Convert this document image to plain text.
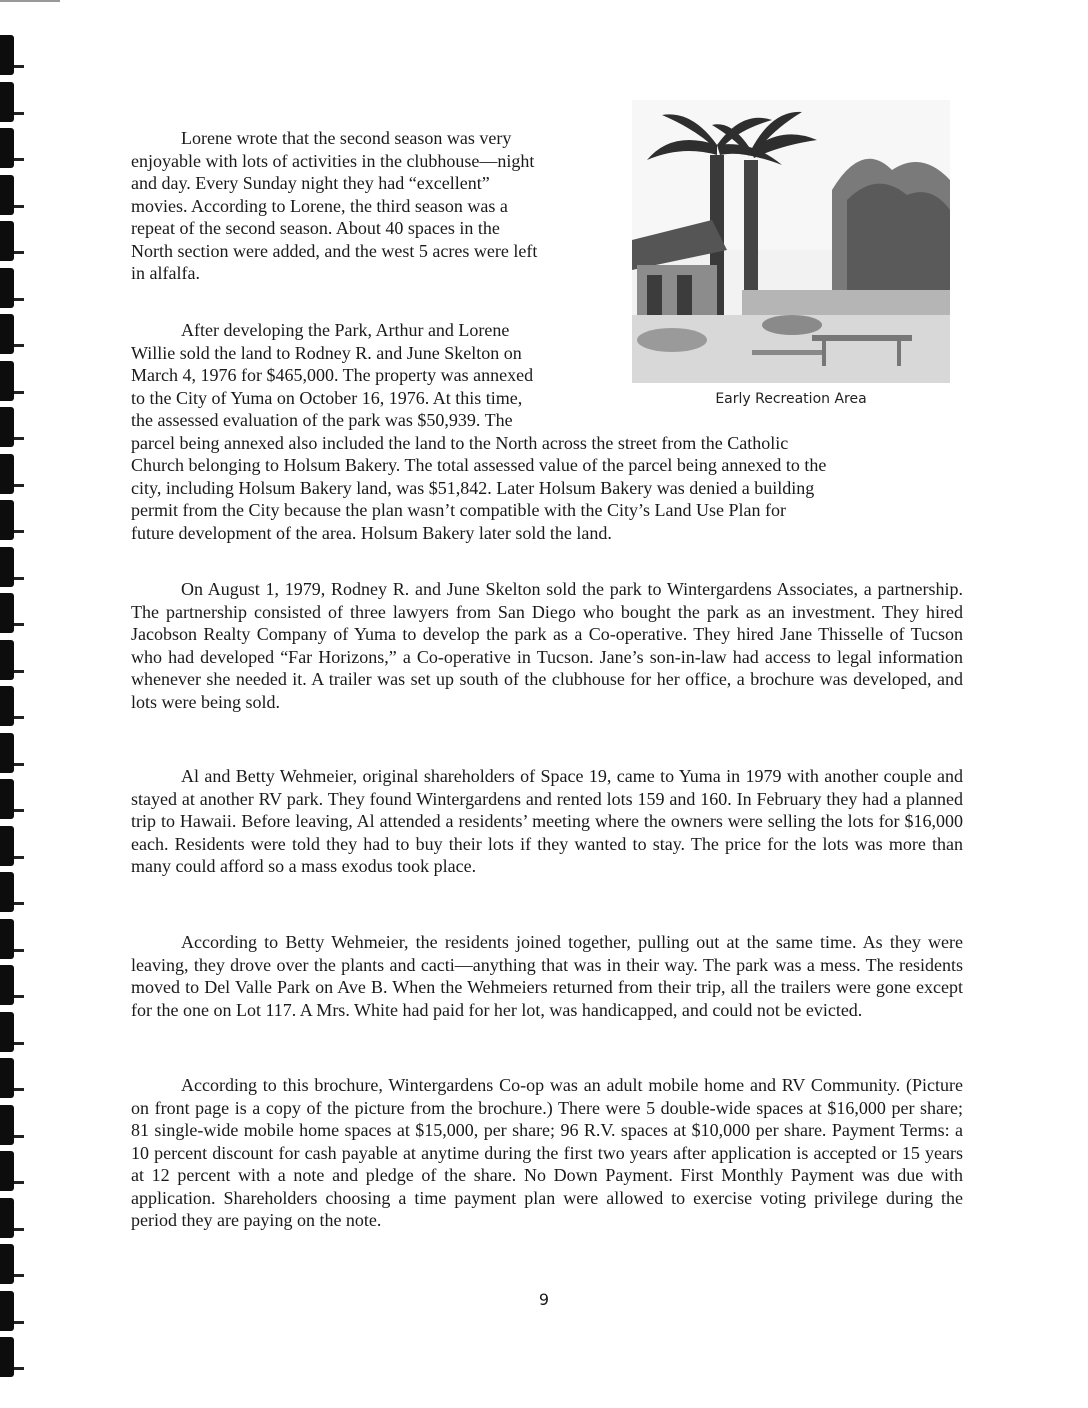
Lorene wrote that the second season was very
enjoyable with lots of activities in the clubhouse—night
and day. Every Sunday night they had “excellent”
movies. According to Lorene, the third season was a
repeat of the second season. About 40 spaces in the
North section were added, and the west 5 acres were left
in alfalfa.

After developing the Park, Arthur and Lorene
Willie sold the land to Rodney R. and June Skelton on
March 4, 1976 for $465,000. The property was annexed
to the City of Yuma on October 16, 1976. At this time,
the assessed evaluation of the park was $50,939. The
parcel being annexed also included the land to the North across the street from the Catholic
Church belonging to Holsum Bakery. The total assessed value of the parcel being annexed to the
city, including Holsum Bakery land, was $51,842. Later Holsum Bakery was denied a building
permit from the City because the plan wasn’t compatible with the City’s Land Use Plan for
future development of the area. Holsum Bakery later sold the land.

Early Recreation Area

On August 1, 1979, Rodney R. and June Skelton sold the park to Wintergardens Associates, a partnership. The partnership consisted of three lawyers from San Diego who bought the park as an investment. They hired Jacobson Realty Company of Yuma to develop the park as a Co-operative. They hired Jane Thisselle of Tucson who had developed “Far Horizons,” a Co-operative in Tucson. Jane’s son-in-law had access to legal information whenever she needed it. A trailer was set up south of the clubhouse for her office, a brochure was developed, and lots were being sold.

Al and Betty Wehmeier, original shareholders of Space 19, came to Yuma in 1979 with another couple and stayed at another RV park. They found Wintergardens and rented lots 159 and 160. In February they had a planned trip to Hawaii. Before leaving, Al attended a residents’ meeting where the owners were selling the lots for $16,000 each. Residents were told they had to buy their lots if they wanted to stay. The price for the lots was more than many could afford so a mass exodus took place.

According to Betty Wehmeier, the residents joined together, pulling out at the same time. As they were leaving, they drove over the plants and cacti—anything that was in their way. The park was a mess. The residents moved to Del Valle Park on Ave B. When the Wehmeiers returned from their trip, all the trailers were gone except for the one on Lot 117. A Mrs. White had paid for her lot, was handicapped, and could not be evicted.

According to this brochure, Wintergardens Co-op was an adult mobile home and RV Community. (Picture on front page is a copy of the picture from the brochure.) There were 5 double-wide spaces at $16,000 per share; 81 single-wide mobile home spaces at $15,000, per share; 96 R.V. spaces at $10,000 per share. Payment Terms: a 10 percent discount for cash payable at anytime during the first two years after application is accepted or 15 years at 12 percent with a note and pledge of the share. No Down Payment. First Monthly Payment was due with application. Shareholders choosing a time payment plan were allowed to exercise voting privilege during the period they are paying on the note.

9
